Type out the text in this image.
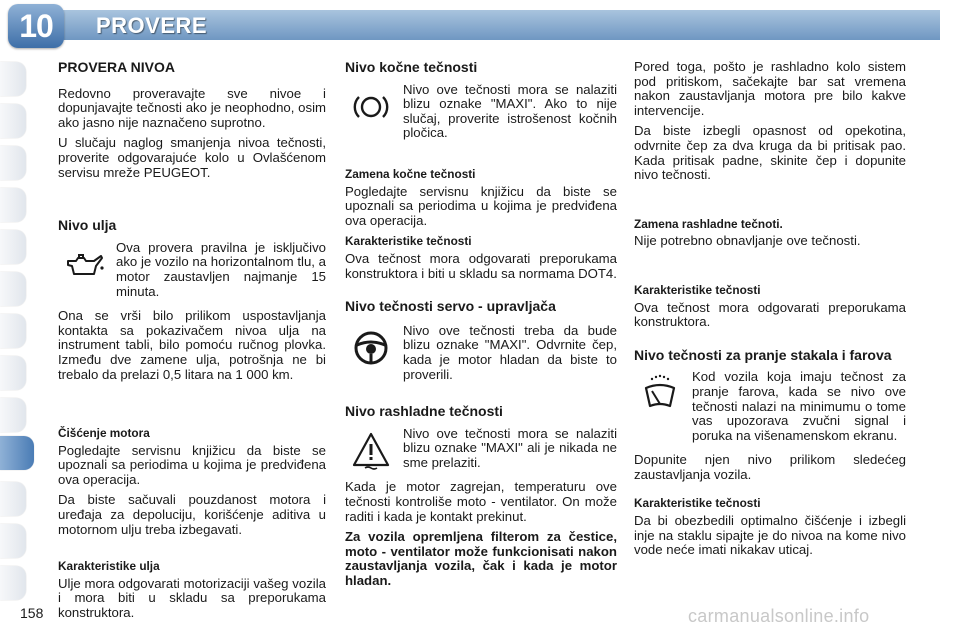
10	PROVERE
PROVERA NIVOA
Redovno proveravajte sve nivoe i dopunjavajte tečnosti ako je neophodno, osim ako jasno nije naznačeno suprotno.
U slučaju naglog smanjenja nivoa tečnosti, proverite odgovarajuće kolo u Ovlašćenom servisu mreže PEUGEOT.
Nivo ulja
Ova provera pravilna je isključivo ako je vozilo na horizontalnom tlu, a motor zaustavljen najmanje 15 minuta.
Ona se vrši bilo prilikom uspostavljanja kontakta sa pokazivačem nivoa ulja na instrument tabli, bilo pomoću ručnog plovka. Između dve zamene ulja, potrošnja ne bi trebalo da prelazi 0,5 litara na 1 000 km.
Čišćenje motora
Pogledajte servisnu knjižicu da biste se upoznali sa periodima u kojima je predviđena ova operacija.
Da biste sačuvali pouzdanost motora i uređaja za depoluciju, korišćenje aditiva u motornom ulju treba izbegavati.
Karakteristike ulja
Ulje mora odgovarati motorizaciji vašeg vozila i mora biti u skladu sa preporukama konstruktora.
Nivo kočne tečnosti
Nivo ove tečnosti mora se nalaziti blizu oznake "MAXI". Ako to nije slučaj, proverite istrošenost kočnih pločica.
Zamena kočne tečnosti
Pogledajte servisnu knjižicu da biste se upoznali sa periodima u kojima je predviđena ova operacija.
Karakteristike tečnosti
Ova tečnost mora odgovarati preporukama konstruktora i biti u skladu sa normama DOT4.
Nivo tečnosti servo - upravljača
Nivo ove tečnosti treba da bude blizu oznake "MAXI". Odvrnite čep, kada je motor hladan da biste to proverili.
Nivo rashladne tečnosti
Nivo ove tečnosti mora se nalaziti blizu oznake "MAXI" ali je nikada ne sme prelaziti.
Kada je motor zagrejan, temperaturu ove tečnosti kontroliše moto - ventilator. On može raditi i kada je kontakt prekinut.
Za vozila opremljena filterom za čestice, moto - ventilator može funkcionisati nakon zaustavljanja vozila, čak i kada je motor hladan.
Pored toga, pošto je rashladno kolo sistem pod pritiskom, sačekajte bar sat vremena nakon zaustavljanja motora pre bilo kakve intervencije.
Da biste izbegli opasnost od opekotina, odvrnite čep za dva kruga da bi pritisak pao. Kada pritisak padne, skinite čep i dopunite nivo tečnosti.
Zamena rashladne tečnoti.
Nije potrebno obnavljanje ove tečnosti.
Karakteristike tečnosti
Ova tečnost mora odgovarati preporukama konstruktora.
Nivo tečnosti za pranje stakala i farova
Kod vozila koja imaju tečnost za pranje farova, kada se nivo ove tečnosti nalazi na minimumu o tome vas upozorava zvučni signal i poruka na višenamenskom ekranu.
Dopunite njen nivo prilikom sledećeg zaustavljanja vozila.
Karakteristike tečnosti
Da bi obezbedili optimalno čišćenje i izbegli inje na staklu sipajte je do nivoa na kome nivo vode neće imati nikakav uticaj.
158	carmanualsonline.info
